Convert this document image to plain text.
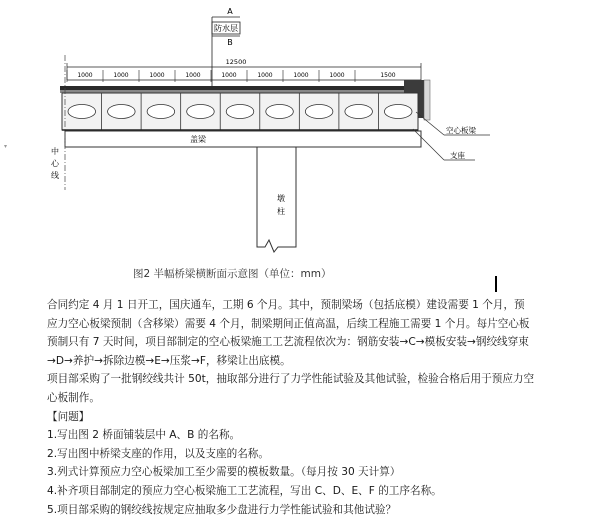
A
防水层
B
12500
1000	1000	1000	1000	1000	1000	1000	1000	1500
盖梁
中
心
线
墩
柱
空心板梁
支座
▾
图2 半幅桥梁横断面示意图（单位：mm）

合同约定 4 月 1 日开工，国庆通车，工期 6 个月。其中，预制梁场（包括底模）建设需要 1 个月，预

应力空心板梁预制（含移梁）需要 4 个月，制梁期间正值高温，后续工程施工需要 1 个月。每片空心板

预制只有 7 天时间，项目部制定的空心板梁施工工艺流程依次为：钢筋安装→C→模板安装→钢绞线穿束

→D→养护→拆除边模→E→压浆→F，移梁让出底模。

项目部采购了一批钢绞线共计 50t，抽取部分进行了力学性能试验及其他试验，检验合格后用于预应力空

心板制作。

【问题】

1.写出图 2 桥面铺装层中 A、B 的名称。

2.写出图中桥梁支座的作用，以及支座的名称。

3.列式计算预应力空心板梁加工至少需要的模板数量。（每月按 30 天计算）

4.补齐项目部制定的预应力空心板梁施工工艺流程，写出 C、D、E、F 的工序名称。

5.项目部采购的钢绞线按规定应抽取多少盘进行力学性能试验和其他试验？
